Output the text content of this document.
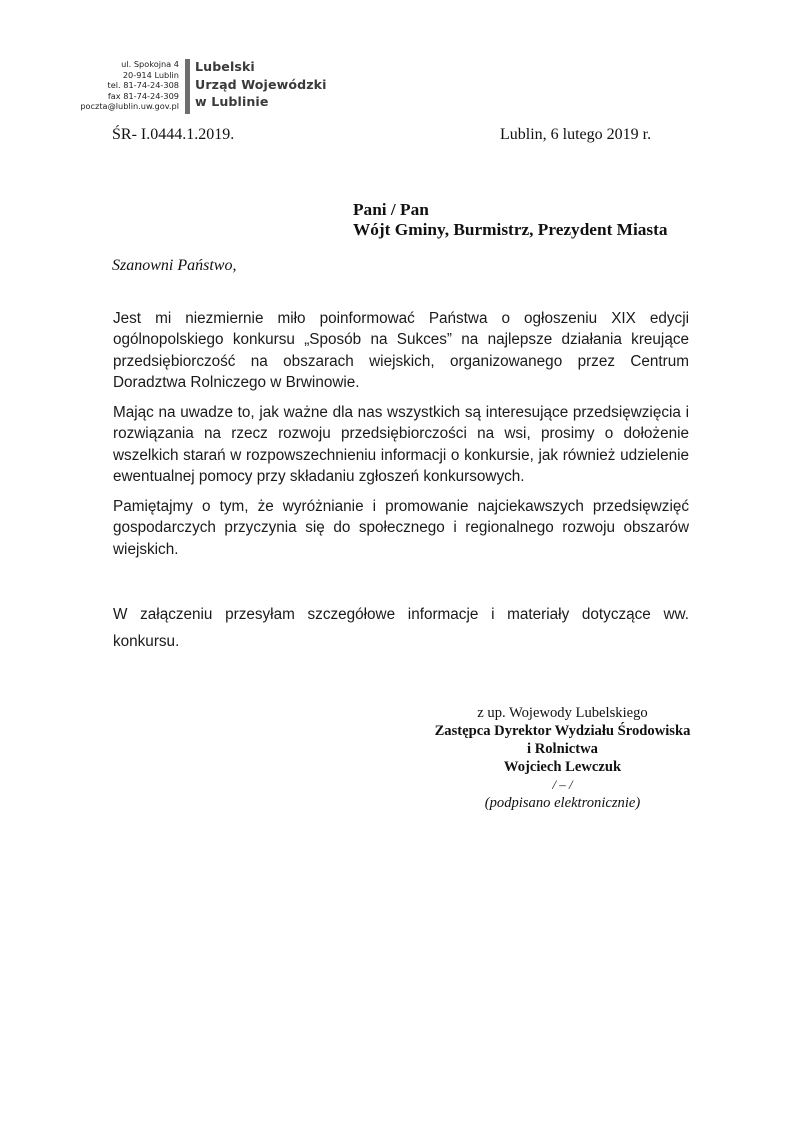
ul. Spokojna 4
20-914 Lublin
tel. 81-74-24-308
fax 81-74-24-309
poczta@lublin.uw.gov.pl
Lubelski
Urząd Wojewódzki
w Lublinie
ŚR- I.0444.1.2019.	Lublin, 6 lutego 2019 r.
Pani / Pan
Wójt Gminy, Burmistrz, Prezydent Miasta
Szanowni Państwo,
Jest mi niezmiernie miło poinformować Państwa o ogłoszeniu XIX edycji ogólnopolskiego konkursu „Sposób na Sukces” na najlepsze działania kreujące przedsiębiorczość na obszarach wiejskich, organizowanego przez Centrum Doradztwa Rolniczego w Brwinowie.
Mając na uwadze to, jak ważne dla nas wszystkich są interesujące przedsięwzięcia i rozwiązania na rzecz rozwoju przedsiębiorczości na wsi, prosimy o dołożenie wszelkich starań w rozpowszechnieniu informacji o konkursie, jak również udzielenie ewentualnej pomocy przy składaniu zgłoszeń konkursowych.
Pamiętajmy o tym, że wyróżnianie i promowanie najciekawszych przedsięwzięć gospodarczych przyczynia się do społecznego i regionalnego rozwoju obszarów wiejskich.
W załączeniu przesyłam szczegółowe informacje i materiały dotyczące ww. konkursu.
z up. Wojewody Lubelskiego
Zastępca Dyrektor Wydziału Środowiska
i Rolnictwa
Wojciech Lewczuk
/ – /
(podpisano elektronicznie)
